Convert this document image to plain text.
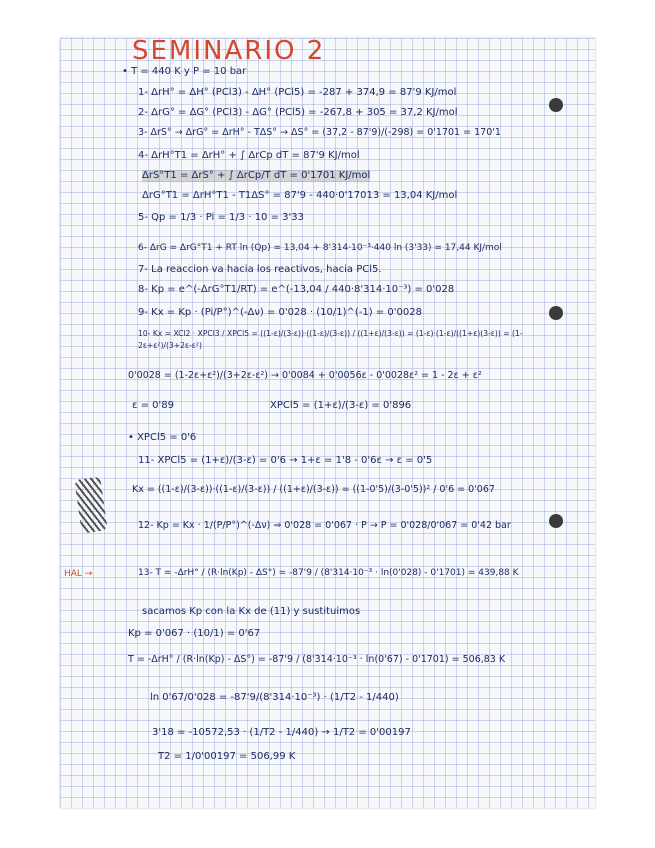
SEMINARIO 2
• T = 440 K y P = 10 bar
1- ΔrH° = ΔH° (PCl3) - ΔH° (PCl5) = -287 + 374,9 = 87'9 KJ/mol
2- ΔrG° = ΔG° (PCl3) - ΔG° (PCl5) = -267,8 + 305 = 37,2 KJ/mol
3- ΔrS° → ΔrG° = ΔrH° - TΔS° → ΔS° = (37,2 - 87'9)/(-298) = 0'1701 = 170'1
4- ΔrH°T1 = ΔrH° + ∫ ΔrCp dT = 87'9 KJ/mol
ΔrS°T1 = ΔrS° + ∫ ΔrCp/T dT = 0'1701 KJ/mol
ΔrG°T1 = ΔrH°T1 - T1ΔS° = 87'9 - 440·0'17013 = 13,04 KJ/mol
5- Qp = 1/3 · Pi = 1/3 · 10 = 3'33
6- ΔrG = ΔrG°T1 + RT ln (Qp) = 13,04 + 8'314·10⁻³·440 ln (3'33) = 17,44 KJ/mol
7- La reaccion va hacia los reactivos, hacia PCl5.
8- Kp = e^(-ΔrG°T1/RT) = e^(-13,04 / 440·8'314·10⁻³) = 0'028
9- Kx = Kp · (Pi/P°)^(-Δν) = 0'028 · (10/1)^(-1) = 0'0028
10- Kx = XCl2 · XPCl3 / XPCl5 = ((1-ε)/(3-ε))·((1-ε)/(3-ε)) / ((1+ε)/(3-ε)) = (1-ε)·(1-ε)/((1+ε)(3-ε)) = (1-2ε+ε²)/(3+2ε-ε²)
0'0028 = (1-2ε+ε²)/(3+2ε-ε²) → 0'0084 + 0'0056ε - 0'0028ε² = 1 - 2ε + ε²
ε = 0'89	XPCl5 = (1+ε)/(3-ε) = 0'896
• XPCl5 = 0'6
11- XPCl5 = (1+ε)/(3-ε) = 0'6 → 1+ε = 1'8 - 0'6ε → ε = 0'5
Kx = ((1-ε)/(3-ε))·((1-ε)/(3-ε)) / ((1+ε)/(3-ε)) = ((1-0'5)/(3-0'5))² / 0'6 = 0'067
12- Kp = Kx · 1/(P/P°)^(-Δν) ⇒ 0'028 = 0'067 · P → P = 0'028/0'067 = 0'42 bar
13- T = -ΔrH° / (R·ln(Kp) - ΔS°) = -87'9 / (8'314·10⁻³ · ln(0'028) - 0'1701) = 439,88 K
sacamos Kp con la Kx de (11) y sustituimos
Kp = 0'067 · (10/1) = 0'67
T = -ΔrH° / (R·ln(Kp) - ΔS°) = -87'9 / (8'314·10⁻³ · ln(0'67) - 0'1701) = 506,83 K
ln 0'67/0'028 = -87'9/(8'314·10⁻³) · (1/T2 - 1/440)
3'18 = -10572,53 · (1/T2 - 1/440) → 1/T2 = 0'00197
T2 = 1/0'00197 = 506,99 K
HAL →
